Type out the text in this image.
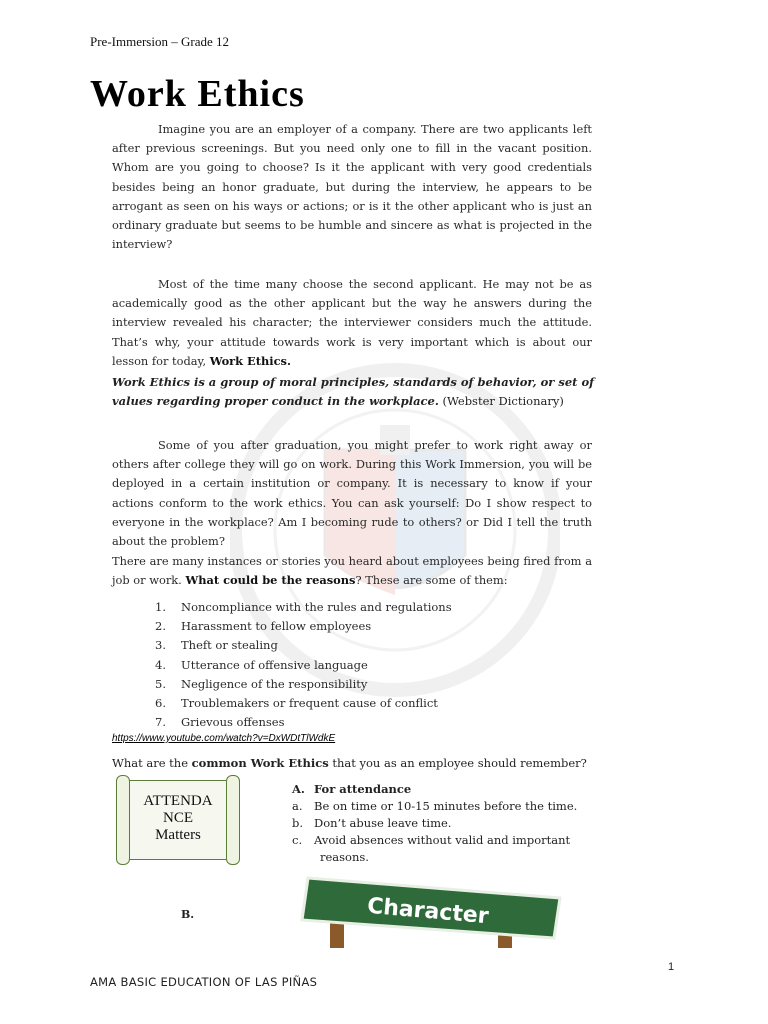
Pre-Immersion – Grade 12
Work Ethics

Imagine you are an employer of a company. There are two applicants left after previous screenings. But you need only one to fill in the vacant position. Whom are you going to choose? Is it the applicant with very good credentials besides being an honor graduate, but during the interview, he appears to be arrogant as seen on his ways or actions; or is it the other applicant who is just an ordinary graduate but seems to be humble and sincere as what is projected in the interview?

Most of the time many choose the second applicant. He may not be as academically good as the other applicant but the way he answers during the interview revealed his character; the interviewer considers much the attitude. That’s why, your attitude towards work is very important which is about our lesson for today, Work Ethics.

Work Ethics is a group of moral principles, standards of behavior, or set of values regarding proper conduct in the workplace. (Webster Dictionary)

Some of you after graduation, you might prefer to work right away or others after college they will go on work. During this Work Immersion, you will be deployed in a certain institution or company. It is necessary to know if your actions conform to the work ethics. You can ask yourself: Do I show respect to everyone in the workplace? Am I becoming rude to others? or Did I tell the truth about the problem?

There are many instances or stories you heard about employees being fired from a job or work. What could be the reasons? These are some of them:

1. Noncompliance with the rules and regulations
2. Harassment to fellow employees
3. Theft or stealing
4. Utterance of offensive language
5. Negligence of the responsibility
6. Troublemakers or frequent cause of conflict
7. Grievous offenses
https://www.youtube.com/watch?v=DxWDtTlWdkE

What are the common Work Ethics that you as an employee should remember?

ATTENDA
NCE
Matters
A. For attendance
a. Be on time or 10-15 minutes before the time.
b. Don’t abuse leave time.
c. Avoid absences without valid and important
reasons.
B.	Character
1
AMA BASIC EDUCATION OF LAS PIÑAS
